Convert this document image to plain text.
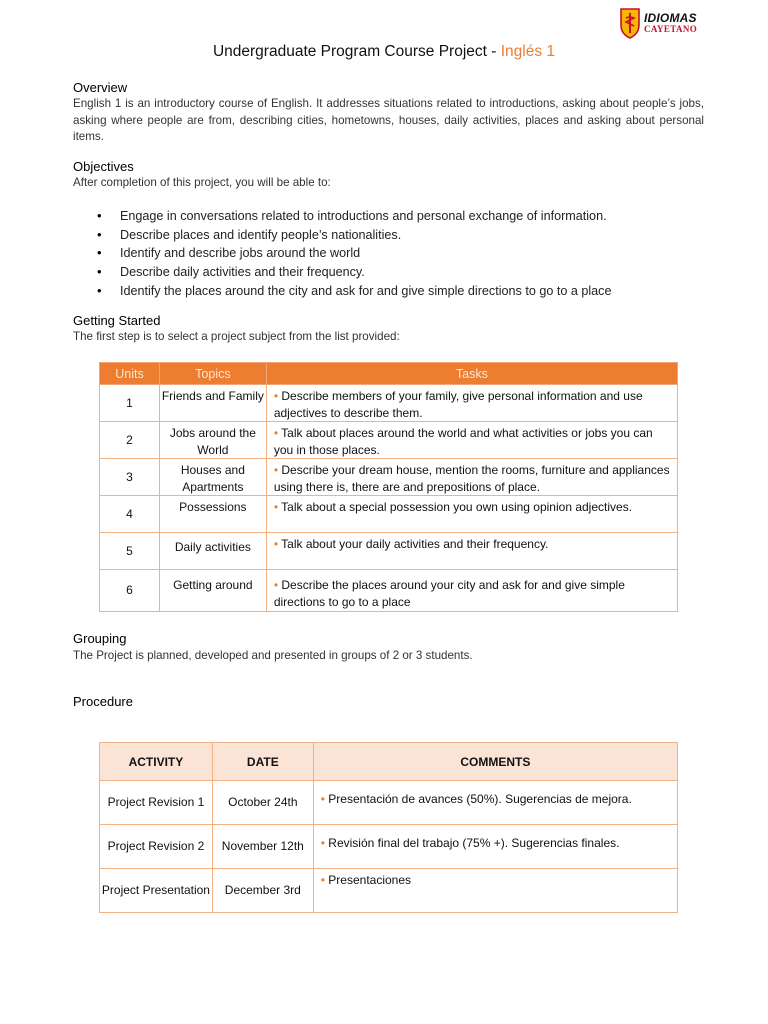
IDIOMAS
CAYETANO
Undergraduate Program Course Project - Inglés 1
Overview

English 1 is an introductory course of English. It addresses situations related to introductions, asking about people’s jobs, asking where people are from, describing cities, hometowns, houses, daily activities, places and asking about personal items.

Objectives

After completion of this project, you will be able to:

• Engage in conversations related to introductions and personal exchange of information.
• Describe places and identify people’s nationalities.
• Identify and describe jobs around the world
• Describe daily activities and their frequency.
• Identify the places around the city and ask for and give simple directions to go to a place
Getting Started

The first step is to select a project subject from the list provided:

Units	Topics	Tasks
1	Friends and Family	• Describe members of your family, give personal information and use adjectives to describe them.
2	Jobs around the World	• Talk about places around the world and what activities or jobs you can you in those places.
3	Houses and Apartments	• Describe your dream house, mention the rooms, furniture and appliances using there is, there are and prepositions of place.
4	Possessions	• Talk about a special possession you own using opinion adjectives.
5	Daily activities	• Talk about your daily activities and their frequency.
6	Getting around	• Describe the places around your city and ask for and give simple directions to go to a place
Grouping

The Project is planned, developed and presented in groups of 2 or 3 students.

Procedure
ACTIVITY	DATE	COMMENTS
Project Revision 1	October 24th	• Presentación de avances (50%). Sugerencias de mejora.
Project Revision 2	November 12th	• Revisión final del trabajo (75% +). Sugerencias finales.
Project Presentation	December 3rd	• Presentaciones
